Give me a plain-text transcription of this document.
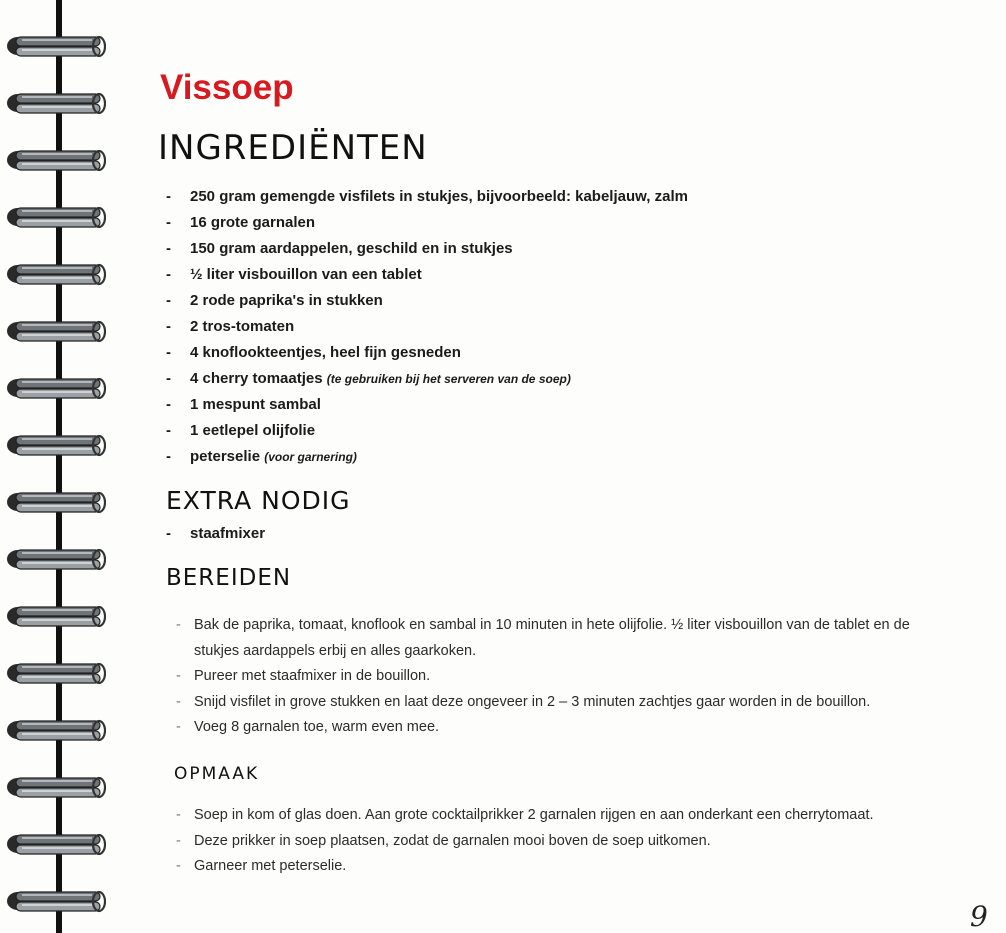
Vissoep
INGREDIËNTEN
- 250 gram gemengde visfilets in stukjes, bijvoorbeeld: kabeljauw, zalm
- 16 grote garnalen
- 150 gram aardappelen, geschild en in stukjes
- ½ liter visbouillon van een tablet
- 2 rode paprika's in stukken
- 2 tros-tomaten
- 4 knoflookteentjes, heel fijn gesneden
- 4 cherry tomaatjes (te gebruiken bij het serveren van de soep)
- 1 mespunt sambal
- 1 eetlepel olijfolie
- peterselie (voor garnering)
EXTRA NODIG
- staafmixer
BEREIDEN
- Bak de paprika, tomaat, knoflook en sambal in 10 minuten in hete olijfolie. ½ liter visbouillon van de tablet en de stukjes aardappels erbij en alles gaarkoken.
- Pureer met staafmixer in de bouillon.
- Snijd visfilet in grove stukken en laat deze ongeveer in 2 – 3 minuten zachtjes gaar worden in de bouillon.
- Voeg 8 garnalen toe, warm even mee.
OPMAAK
- Soep in kom of glas doen. Aan grote cocktailprikker 2 garnalen rijgen en aan onderkant een cherrytomaat.
- Deze prikker in soep plaatsen, zodat de garnalen mooi boven de soep uitkomen.
- Garneer met peterselie.
9
